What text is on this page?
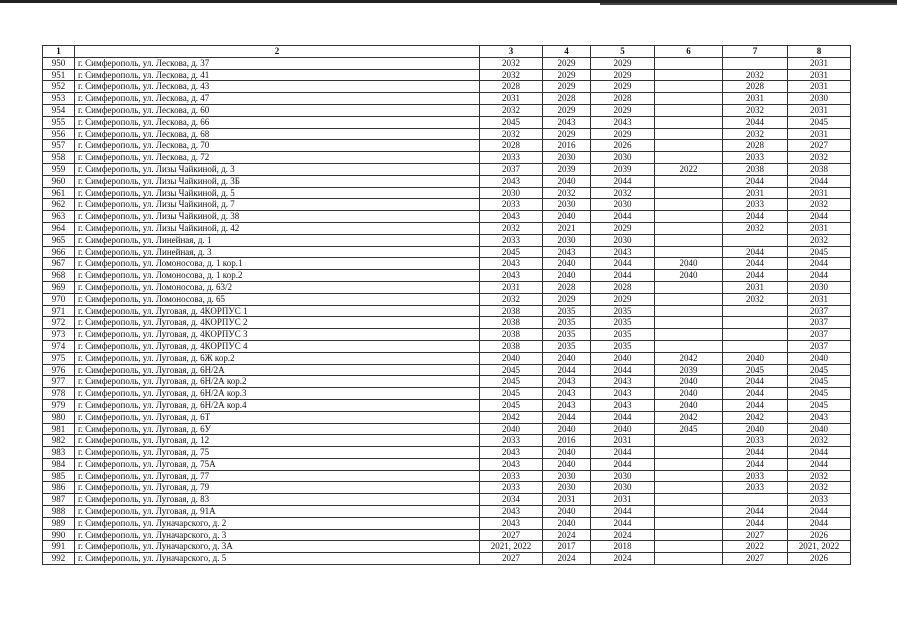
1	2	3	4	5	6	7	8
950	г. Симферополь, ул. Лескова, д. 37	2032	2029	2029			2031
951	г. Симферополь, ул. Лескова, д. 41	2032	2029	2029		2032	2031
952	г. Симферополь, ул. Лескова, д. 43	2028	2029	2029		2028	2031
953	г. Симферополь, ул. Лескова, д. 47	2031	2028	2028		2031	2030
954	г. Симферополь, ул. Лескова, д. 60	2032	2029	2029		2032	2031
955	г. Симферополь, ул. Лескова, д. 66	2045	2043	2043		2044	2045
956	г. Симферополь, ул. Лескова, д. 68	2032	2029	2029		2032	2031
957	г. Симферополь, ул. Лескова, д. 70	2028	2016	2026		2028	2027
958	г. Симферополь, ул. Лескова, д. 72	2033	2030	2030		2033	2032
959	г. Симферополь, ул. Лизы Чайкиной, д. 3	2037	2039	2039	2022	2038	2038
960	г. Симферополь, ул. Лизы Чайкиной, д. 3Б	2043	2040	2044		2044	2044
961	г. Симферополь, ул. Лизы Чайкиной, д. 5	2030	2032	2032		2031	2031
962	г. Симферополь, ул. Лизы Чайкиной, д. 7	2033	2030	2030		2033	2032
963	г. Симферополь, ул. Лизы Чайкиной, д. 38	2043	2040	2044		2044	2044
964	г. Симферополь, ул. Лизы Чайкиной, д. 42	2032	2021	2029		2032	2031
965	г. Симферополь, ул. Линейная, д. 1	2033	2030	2030			2032
966	г. Симферополь, ул. Линейная, д. 3	2045	2043	2043		2044	2045
967	г. Симферополь, ул. Ломоносова, д. 1 кор.1	2043	2040	2044	2040	2044	2044
968	г. Симферополь, ул. Ломоносова, д. 1 кор.2	2043	2040	2044	2040	2044	2044
969	г. Симферополь, ул. Ломоносова, д. 63/2	2031	2028	2028		2031	2030
970	г. Симферополь, ул. Ломоносова, д. 65	2032	2029	2029		2032	2031
971	г. Симферополь, ул. Луговая, д. 4КОРПУС 1	2038	2035	2035			2037
972	г. Симферополь, ул. Луговая, д. 4КОРПУС 2	2038	2035	2035			2037
973	г. Симферополь, ул. Луговая, д. 4КОРПУС 3	2038	2035	2035			2037
974	г. Симферополь, ул. Луговая, д. 4КОРПУС 4	2038	2035	2035			2037
975	г. Симферополь, ул. Луговая, д. 6Ж кор.2	2040	2040	2040	2042	2040	2040
976	г. Симферополь, ул. Луговая, д. 6Н/2А	2045	2044	2044	2039	2045	2045
977	г. Симферополь, ул. Луговая, д. 6Н/2А кор.2	2045	2043	2043	2040	2044	2045
978	г. Симферополь, ул. Луговая, д. 6Н/2А кор.3	2045	2043	2043	2040	2044	2045
979	г. Симферополь, ул. Луговая, д. 6Н/2А кор.4	2045	2043	2043	2040	2044	2045
980	г. Симферополь, ул. Луговая, д. 6Т	2042	2044	2044	2042	2042	2043
981	г. Симферополь, ул. Луговая, д. 6У	2040	2040	2040	2045	2040	2040
982	г. Симферополь, ул. Луговая, д. 12	2033	2016	2031		2033	2032
983	г. Симферополь, ул. Луговая, д. 75	2043	2040	2044		2044	2044
984	г. Симферополь, ул. Луговая, д. 75А	2043	2040	2044		2044	2044
985	г. Симферополь, ул. Луговая, д. 77	2033	2030	2030		2033	2032
986	г. Симферополь, ул. Луговая, д. 79	2033	2030	2030		2033	2032
987	г. Симферополь, ул. Луговая, д. 83	2034	2031	2031			2033
988	г. Симферополь, ул. Луговая, д. 91А	2043	2040	2044		2044	2044
989	г. Симферополь, ул. Луначарского, д. 2	2043	2040	2044		2044	2044
990	г. Симферополь, ул. Луначарского, д. 3	2027	2024	2024		2027	2026
991	г. Симферополь, ул. Луначарского, д. 3А	2021, 2022	2017	2018		2022	2021, 2022
992	г. Симферополь, ул. Луначарского, д. 5	2027	2024	2024		2027	2026
